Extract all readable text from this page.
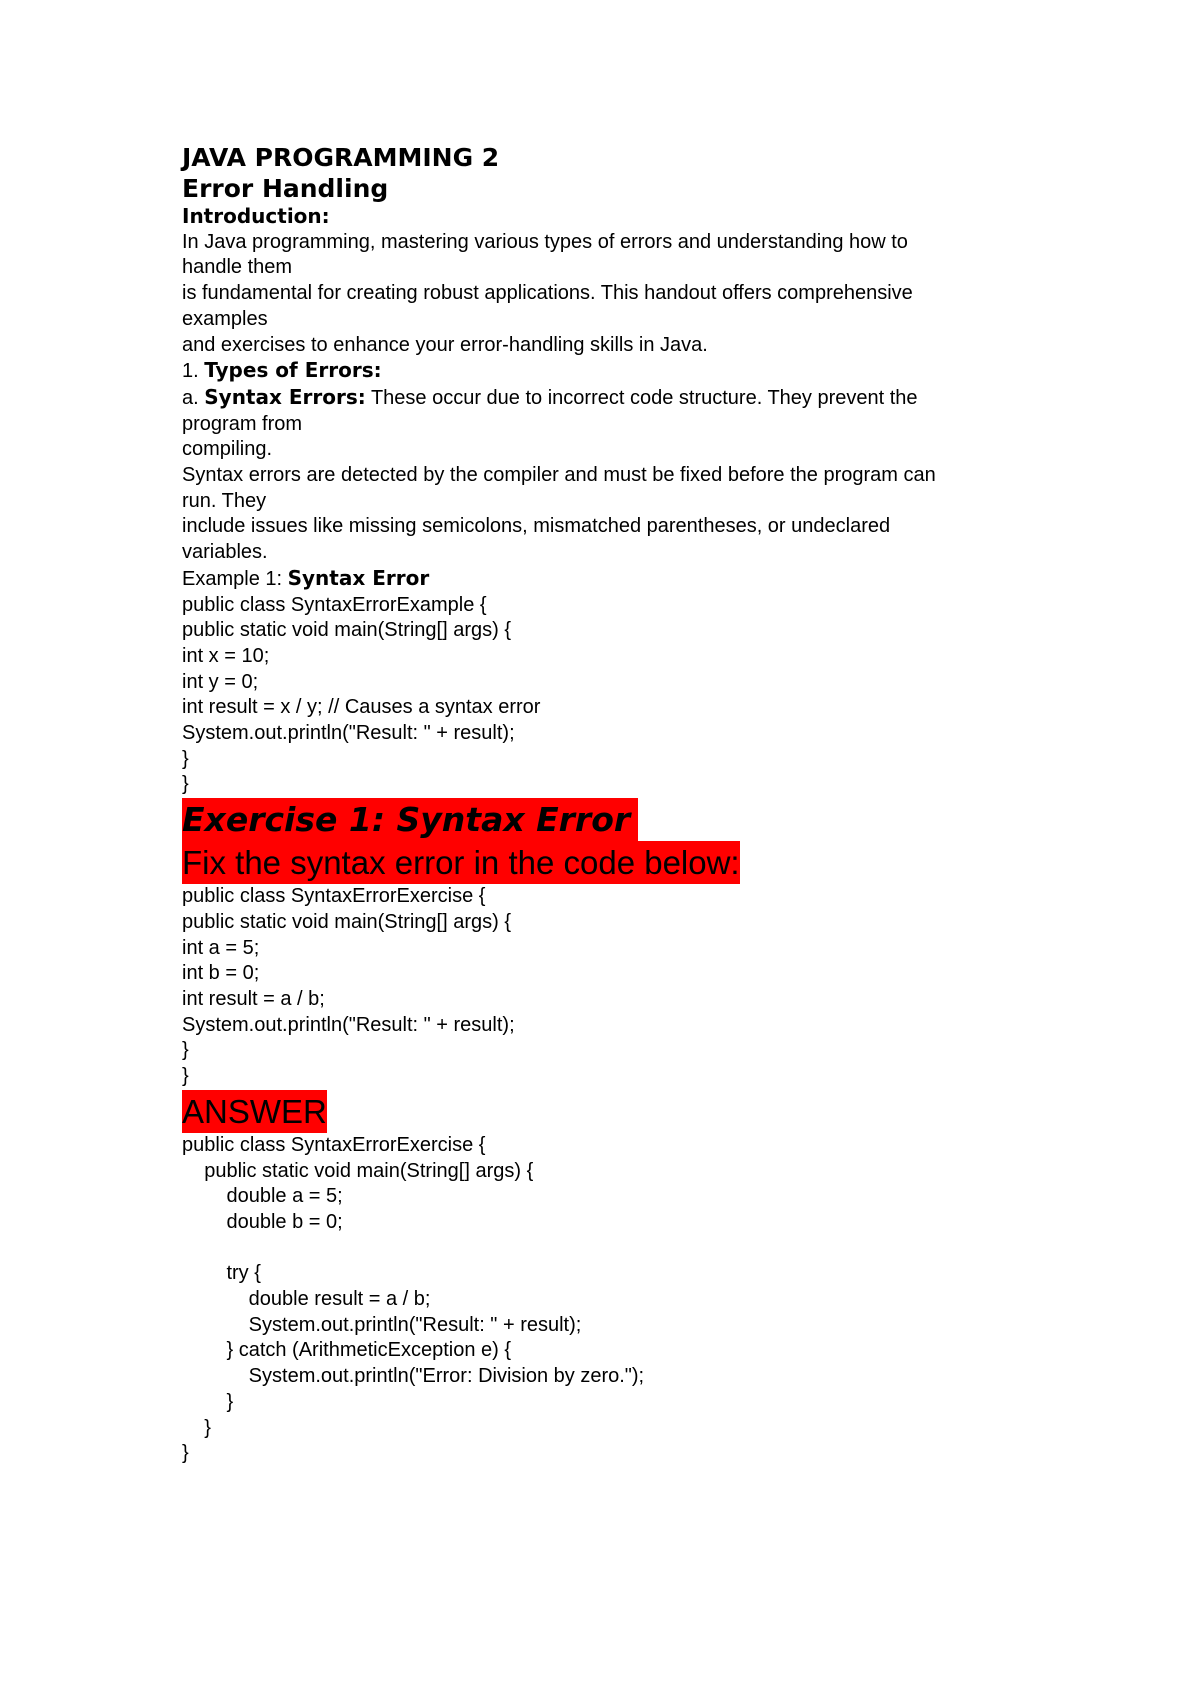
JAVA PROGRAMMING 2
Error Handling
Introduction:
In Java programming, mastering various types of errors and understanding how to
handle them
is fundamental for creating robust applications. This handout offers comprehensive
examples
and exercises to enhance your error-handling skills in Java.
1. Types of Errors:
a. Syntax Errors: These occur due to incorrect code structure. They prevent the
program from
compiling.
Syntax errors are detected by the compiler and must be fixed before the program can
run. They
include issues like missing semicolons, mismatched parentheses, or undeclared
variables.
Example 1: Syntax Error
public class SyntaxErrorExample {
public static void main(String[] args) {
int x = 10;
int y = 0;
int result = x / y; // Causes a syntax error
System.out.println("Result: " + result);
}
}
Exercise 1: Syntax Error
Fix the syntax error in the code below:
public class SyntaxErrorExercise {
public static void main(String[] args) {
int a = 5;
int b = 0;
int result = a / b;
System.out.println("Result: " + result);
}
}
ANSWER
public class SyntaxErrorExercise {
public static void main(String[] args) {
double a = 5;
double b = 0;
try {
double result = a / b;
System.out.println("Result: " + result);
} catch (ArithmeticException e) {
System.out.println("Error: Division by zero.");
}
}
}
